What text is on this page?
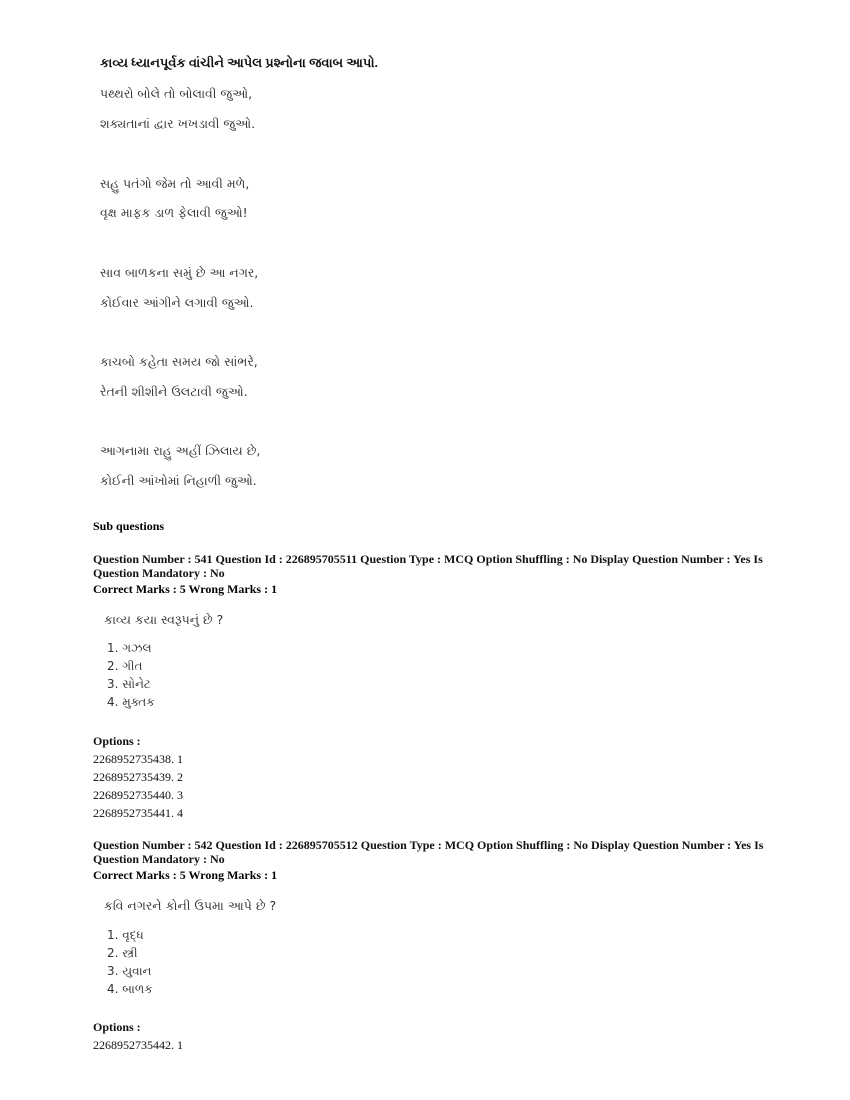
કાવ્ય ધ્યાનપૂર્વક વાંચીને આપેલ પ્રશ્નોના જવાબ આપો.
પથ્થરો બોલે તો બોલાવી જુઓ,
શક્યતાનાં દ્વાર ખખડાવી જુઓ.
સહુ પતંગો જેમ તો આવી મળે,
વૃક્ષ માફક ડાળ ફેલાવી જુઓ!
સાવ બાળકના સમું છે આ નગર,
કોઈવાર આંગીને લગાવી જુઓ.
કાચબો કહેતા સમય જો સાંભરે,
રેતની શીશીને ઉલટાવી જુઓ.
આગનામા રાહુ અહીં ઝિલાય છે,
કોઈની આંખોમાં નિહાળી જુઓ.
Sub questions
Question Number : 541 Question Id : 226895705511 Question Type : MCQ Option Shuffling : No Display Question Number : Yes Is Question Mandatory : No
Correct Marks : 5 Wrong Marks : 1
કાવ્ય કયા સ્વરૂપનું છે ?
1. ગઝલ
2. ગીત
3. સોનેટ
4. મુક્તક
Options :
2268952735438. 1
2268952735439. 2
2268952735440. 3
2268952735441. 4
Question Number : 542 Question Id : 226895705512 Question Type : MCQ Option Shuffling : No Display Question Number : Yes Is Question Mandatory : No
Correct Marks : 5 Wrong Marks : 1
કવિ નગરને કોની ઉપમા આપે છે ?
1. વૃદ્ધ
2. સ્ત્રી
3. યુવાન
4. બાળક
Options :
2268952735442. 1
